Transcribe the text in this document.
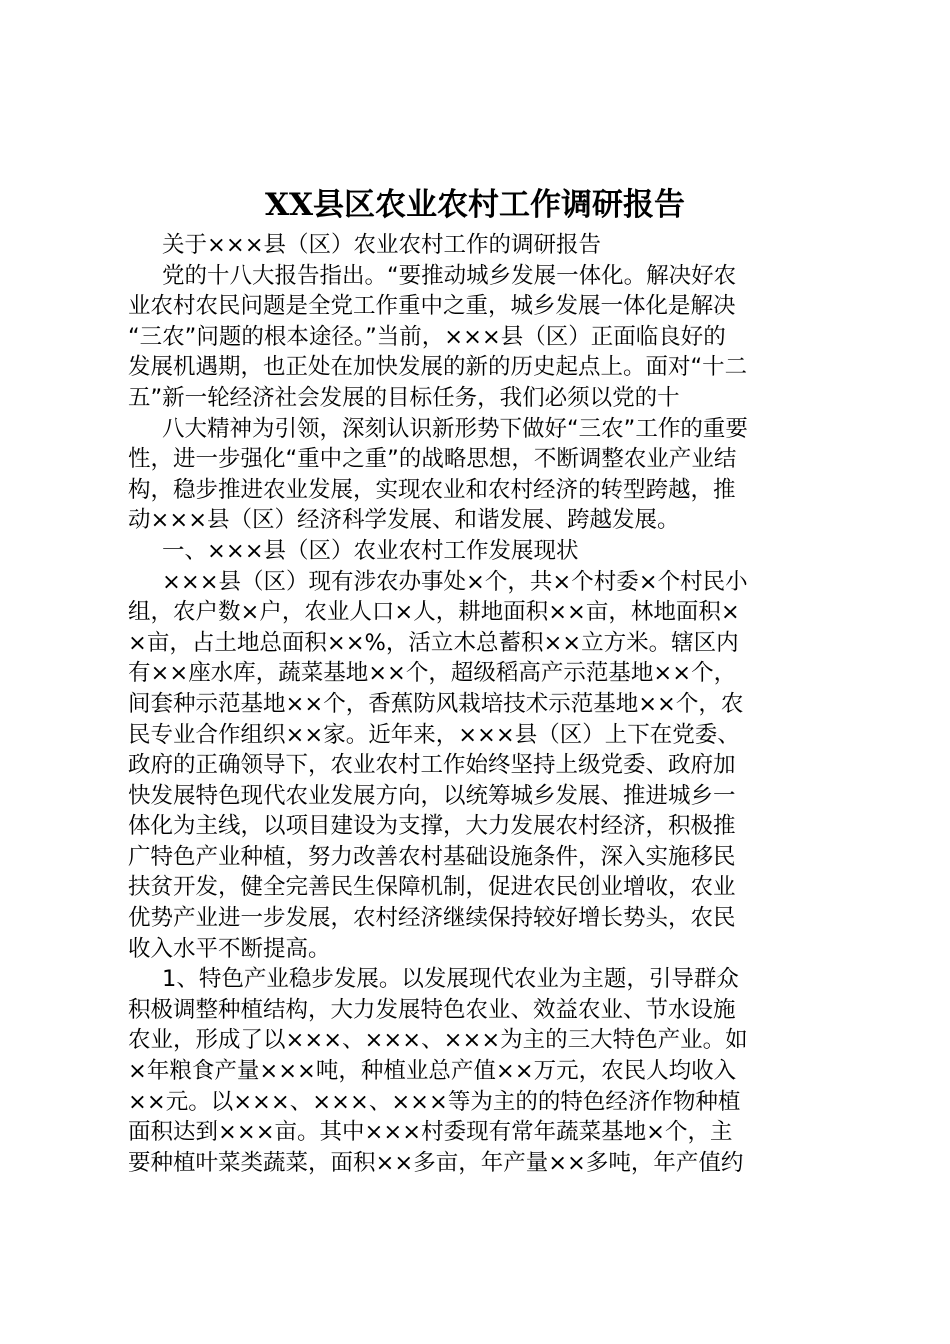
XX县区农业农村工作调研报告
关于×××县（区）农业农村工作的调研报告
党的十八大报告指出。“要推动城乡发展一体化。解决好农
业农村农民问题是全党工作重中之重，城乡发展一体化是解决
“三农”问题的根本途径。”当前，×××县（区）正面临良好的
发展机遇期，也正处在加快发展的新的历史起点上。面对“十二
五”新一轮经济社会发展的目标任务，我们必须以党的十
八大精神为引领，深刻认识新形势下做好“三农”工作的重要
性，进一步强化“重中之重”的战略思想，不断调整农业产业结
构，稳步推进农业发展，实现农业和农村经济的转型跨越，推
动×××县（区）经济科学发展、和谐发展、跨越发展。
一、×××县（区）农业农村工作发展现状
×××县（区）现有涉农办事处×个，共×个村委×个村民小
组，农户数×户，农业人口×人，耕地面积××亩，林地面积×
×亩，占土地总面积××%，活立木总蓄积××立方米。辖区内
有××座水库，蔬菜基地××个，超级稻高产示范基地××个，
间套种示范基地××个，香蕉防风栽培技术示范基地××个，农
民专业合作组织××家。近年来，×××县（区）上下在党委、
政府的正确领导下，农业农村工作始终坚持上级党委、政府加
快发展特色现代农业发展方向，以统筹城乡发展、推进城乡一
体化为主线，以项目建设为支撑，大力发展农村经济，积极推
广特色产业种植，努力改善农村基础设施条件，深入实施移民
扶贫开发，健全完善民生保障机制，促进农民创业增收，农业
优势产业进一步发展，农村经济继续保持较好增长势头，农民
收入水平不断提高。
1、特色产业稳步发展。以发展现代农业为主题，引导群众
积极调整种植结构，大力发展特色农业、效益农业、节水设施
农业，形成了以×××、×××、×××为主的三大特色产业。如
×年粮食产量×××吨，种植业总产值××万元，农民人均收入
××元。以×××、×××、×××等为主的的特色经济作物种植
面积达到×××亩。其中×××村委现有常年蔬菜基地×个，主
要种植叶菜类蔬菜，面积××多亩，年产量××多吨，年产值约
